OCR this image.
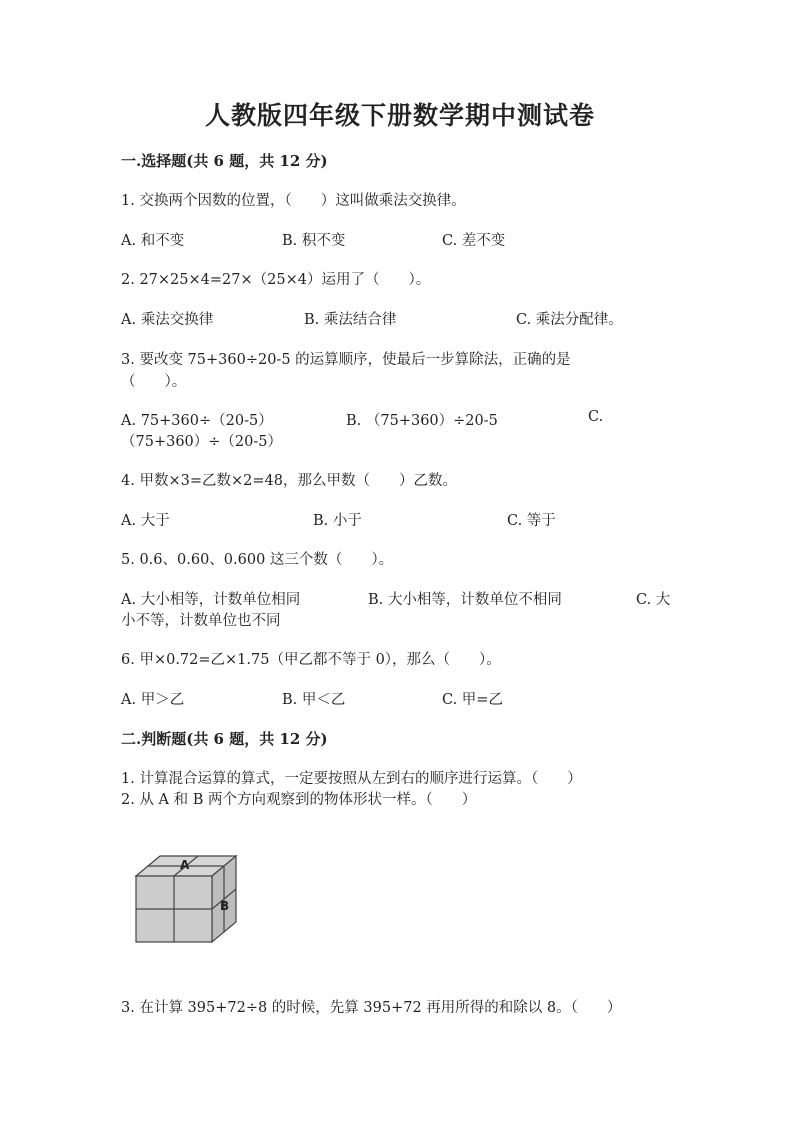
人教版四年级下册数学期中测试卷
一.选择题(共 6 题，共 12 分)
1. 交换两个因数的位置，（　　）这叫做乘法交换律。
A. 和不变	B. 积不变	C. 差不变
2. 27×25×4=27×（25×4）运用了（　　）。
A. 乘法交换律	B. 乘法结合律	C. 乘法分配律。
3. 要改变 75+360÷20-5 的运算顺序，使最后一步算除法，正确的是
（　　）。
A. 75+360÷（20-5）	B. （75+360）÷20-5	C.
（75+360）÷（20-5）
4. 甲数×3=乙数×2=48，那么甲数（　　）乙数。
A. 大于	B. 小于	C. 等于
5. 0.6、0.60、0.600 这三个数（　　）。
A. 大小相等，计数单位相同	B. 大小相等，计数单位不相同	C. 大
小不等，计数单位也不同
6. 甲×0.72=乙×1.75（甲乙都不等于 0），那么（　　）。
A. 甲＞乙	B. 甲＜乙	C. 甲=乙
二.判断题(共 6 题，共 12 分)
1. 计算混合运算的算式，一定要按照从左到右的顺序进行运算。（　　）
2. 从 A 和 B 两个方向观察到的物体形状一样。（　　）
A
B
3. 在计算 395+72÷8 的时候，先算 395+72 再用所得的和除以 8。（　　）
